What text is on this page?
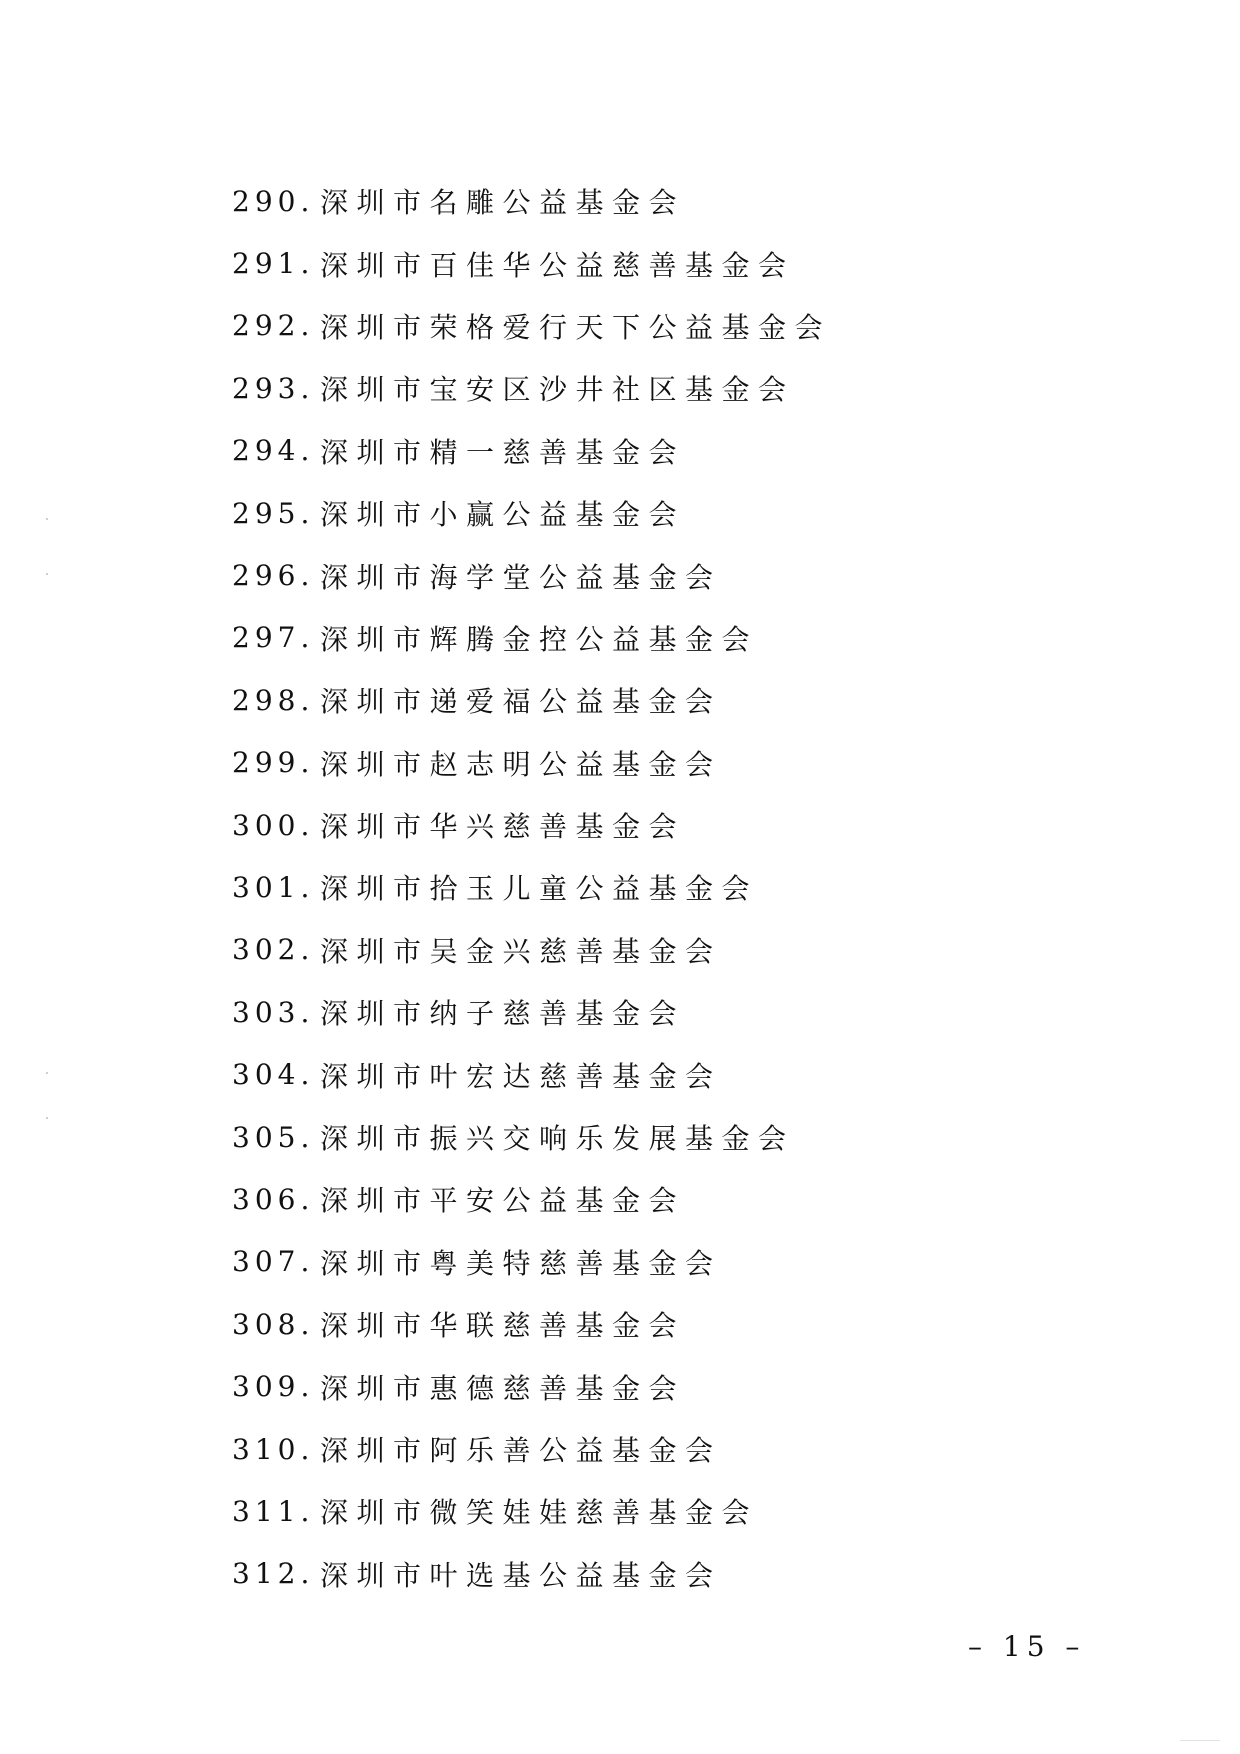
290. 深圳市名雕公益基金会
291. 深圳市百佳华公益慈善基金会
292. 深圳市荣格爱行天下公益基金会
293. 深圳市宝安区沙井社区基金会
294. 深圳市精一慈善基金会
295. 深圳市小赢公益基金会
296. 深圳市海学堂公益基金会
297. 深圳市辉腾金控公益基金会
298. 深圳市递爱福公益基金会
299. 深圳市赵志明公益基金会
300. 深圳市华兴慈善基金会
301. 深圳市拾玉儿童公益基金会
302. 深圳市吴金兴慈善基金会
303. 深圳市纳子慈善基金会
304. 深圳市叶宏达慈善基金会
305. 深圳市振兴交响乐发展基金会
306. 深圳市平安公益基金会
307. 深圳市粤美特慈善基金会
308. 深圳市华联慈善基金会
309. 深圳市惠德慈善基金会
310. 深圳市阿乐善公益基金会
311. 深圳市微笑娃娃慈善基金会
312. 深圳市叶选基公益基金会
– 15 –
